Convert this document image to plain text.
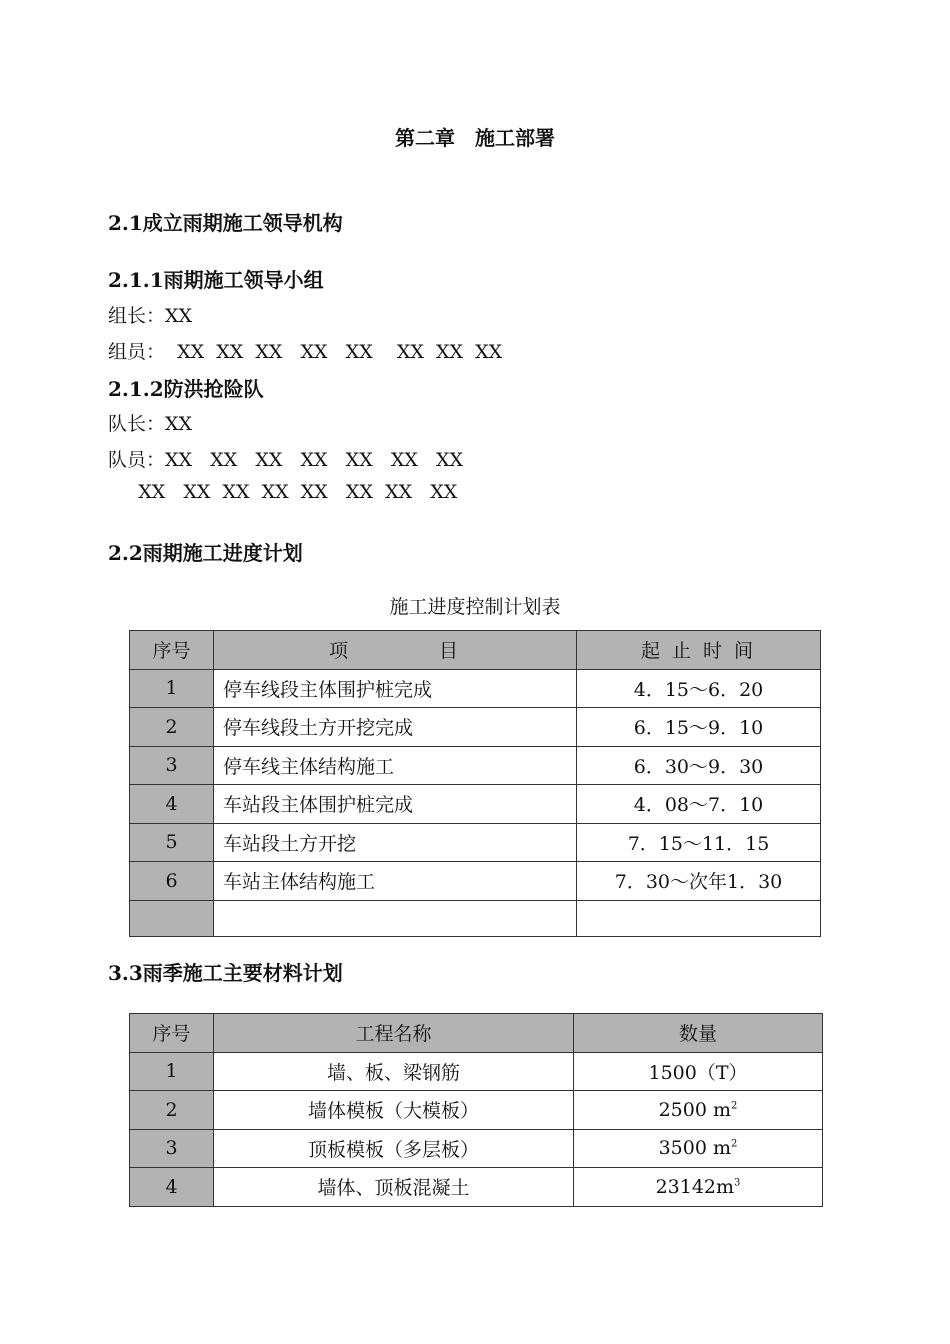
第二章　施工部署
2.1成立雨期施工领导机构
2.1.1雨期施工领导小组
组长：XX
组员：  XX  XX  XX   XX   XX    XX  XX  XX
2.1.2防洪抢险队
队长：XX
队员：XX   XX   XX   XX   XX   XX   XX
XX   XX  XX  XX  XX   XX  XX   XX
2.2雨期施工进度计划
施工进度控制计划表
序号	项　　　　目	起 止 时 间
1	停车线段主体围护桩完成	4．15～6．20
2	停车线段土方开挖完成	6．15～9．10
3	停车线主体结构施工	6．30～9．30
4	车站段主体围护桩完成	4．08～7．10
5	车站段土方开挖	7．15～11．15
6	车站主体结构施工	7．30～次年1．30

3.3雨季施工主要材料计划
序号	工程名称	数量
1	墙、板、梁钢筋	1500（T）
2	墙体模板（大模板）	2500 $m^2$
3	顶板模板（多层板）	3500 $m^2$
4	墙体、顶板混凝土	$23142m^3$
